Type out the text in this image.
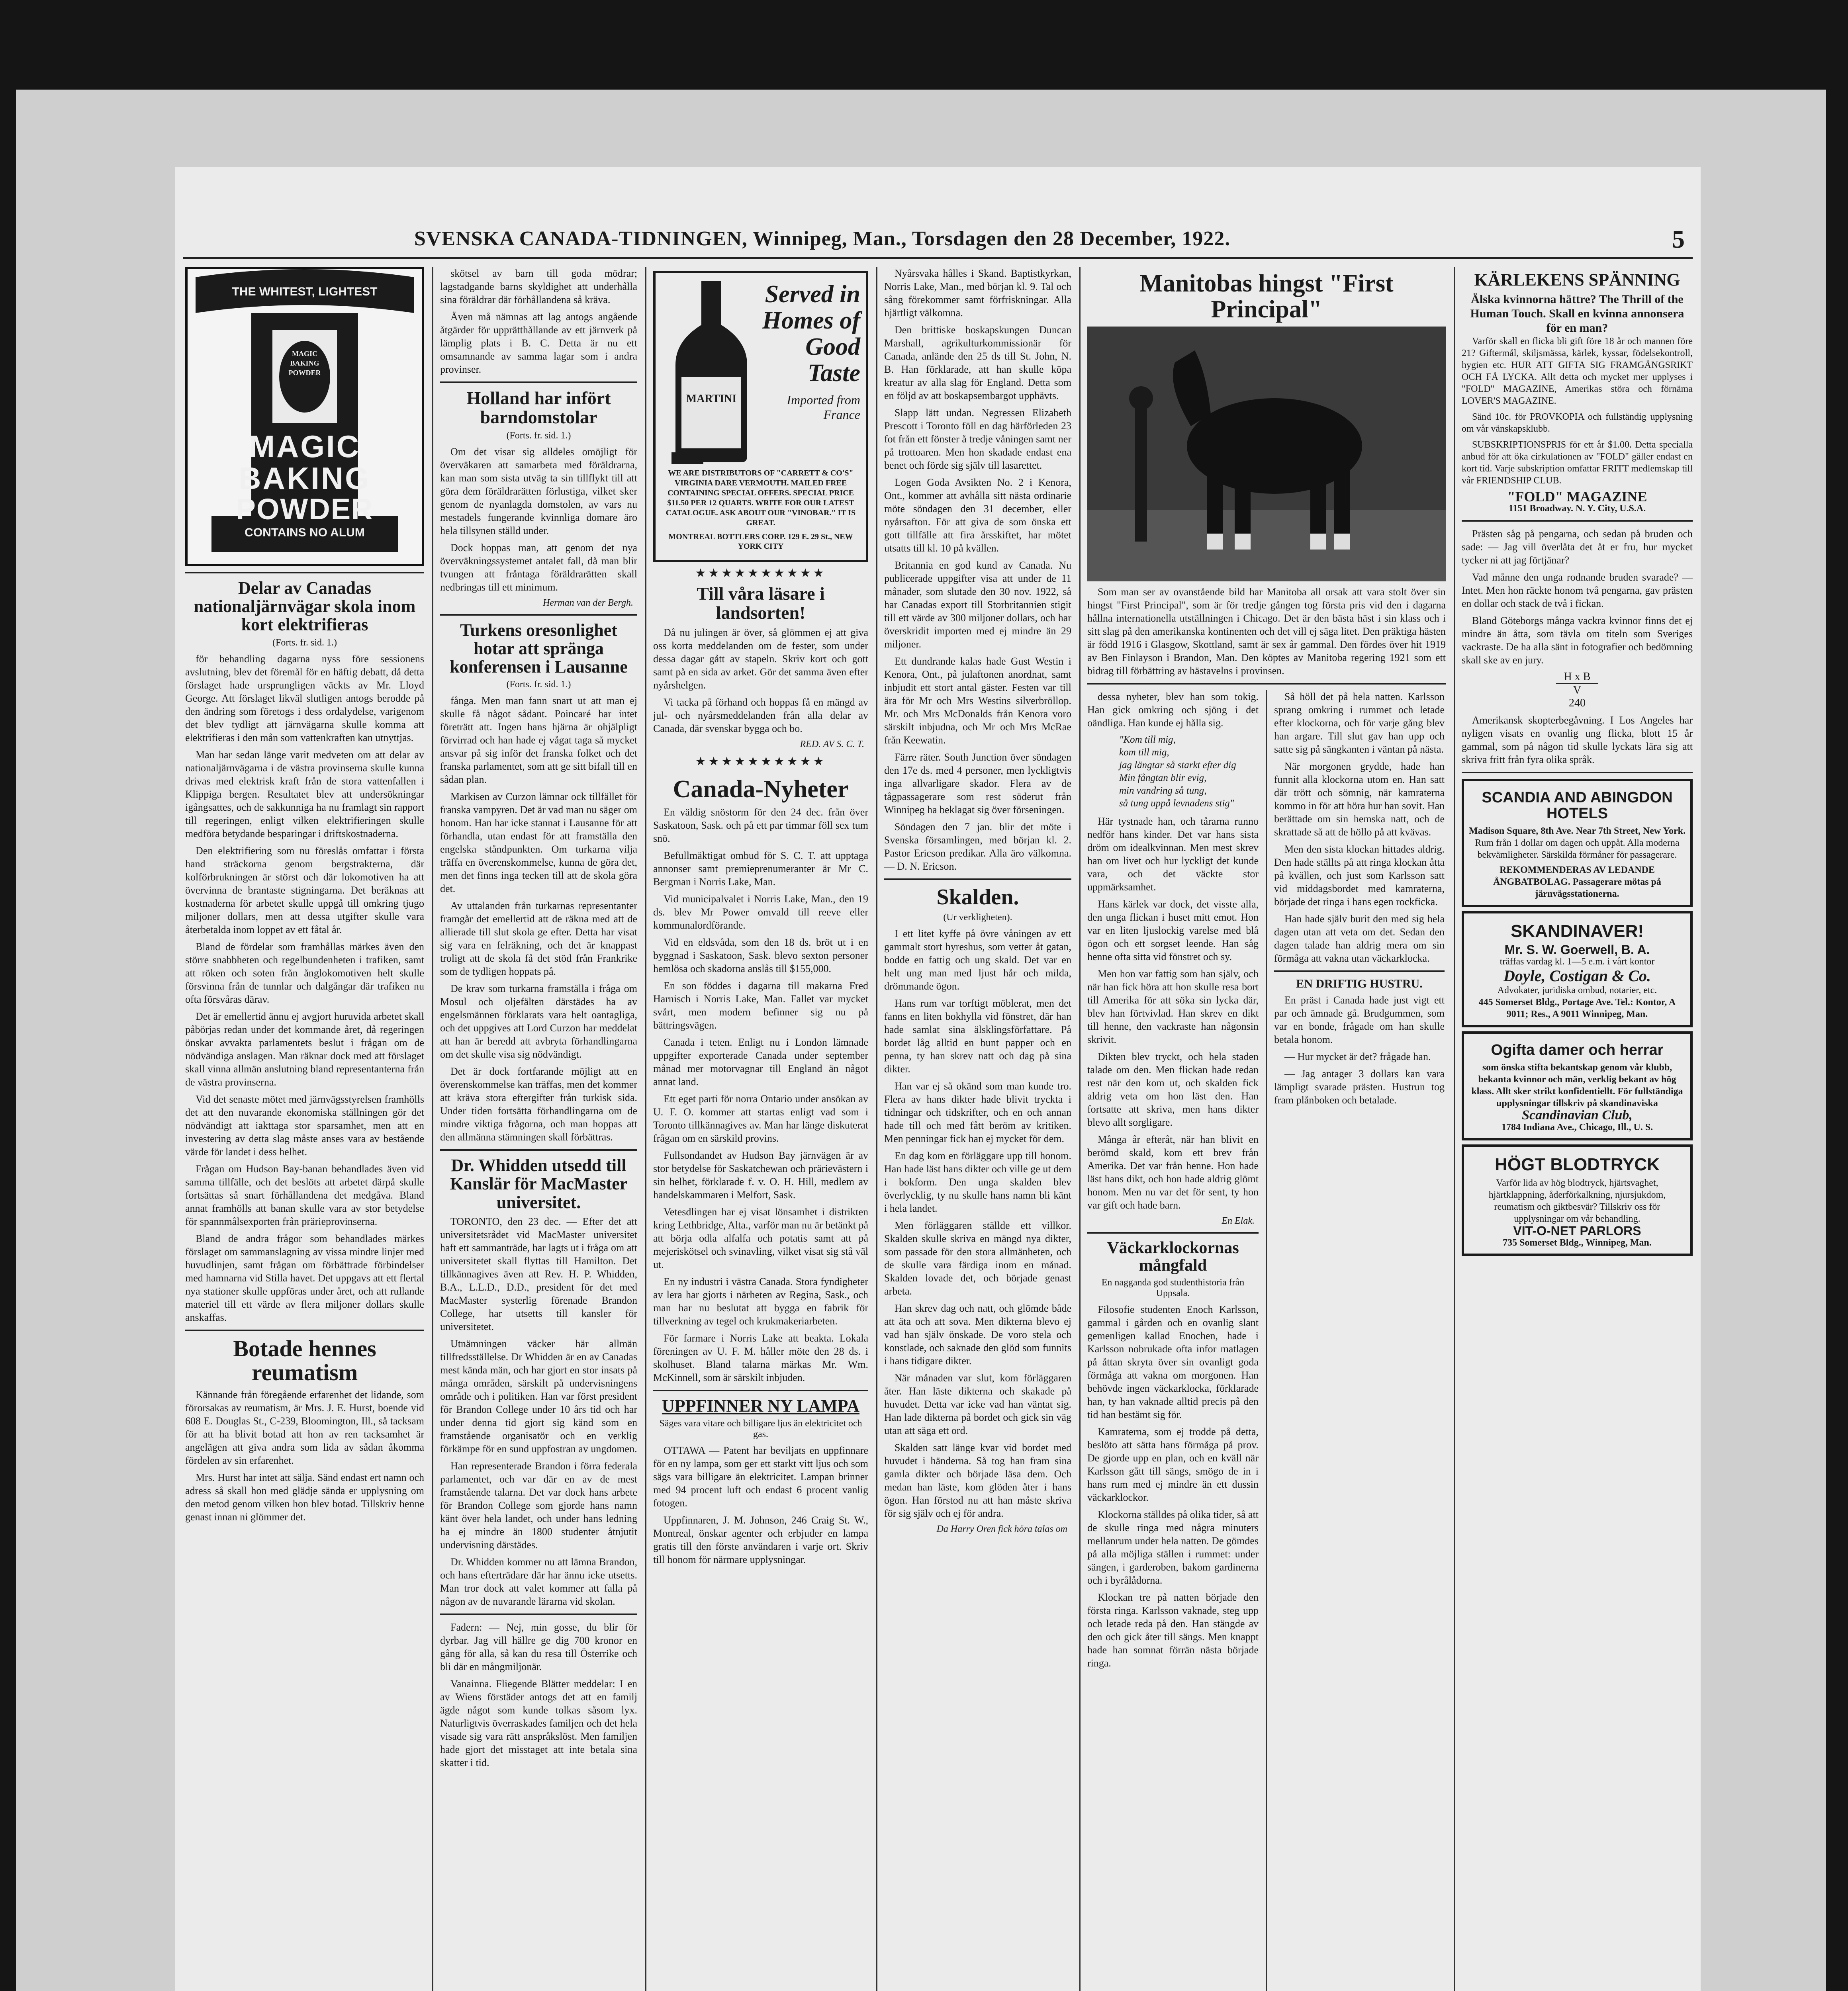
SVENSKA CANADA-TIDNINGEN, Winnipeg, Man., Torsdagen den 28 December, 1922.	5
THE WHITEST, LIGHTEST
MAGIC BAKING POWDER
MAGIC
BAKING
POWDER
CONTAINS NO ALUM
Delar av Canadas nationaljärnvägar skola inom kort elektrifieras
(Forts. fr. sid. 1.)

för behandling dagarna nyss före sessionens avslutning, blev det föremål för en häftig debatt, då detta förslaget hade ursprungligen väckts av Mr. Lloyd George. Att förslaget likväl slutligen antogs berodde på den ändring som företogs i dess ordalydelse, varigenom det blev tydligt att järnvägarna skulle komma att elektrifieras i den mån som vattenkraften kan utnyttjas.

Man har sedan länge varit medveten om att delar av nationaljärnvägarna i de västra provinserna skulle kunna drivas med elektrisk kraft från de stora vattenfallen i Klippiga bergen. Resultatet blev att undersökningar igångsattes, och de sakkunniga ha nu framlagt sin rapport till regeringen, enligt vilken elektrifieringen skulle medföra betydande besparingar i driftskostnaderna.

Den elektrifiering som nu föreslås omfattar i första hand sträckorna genom bergstrakterna, där kolförbrukningen är störst och där lokomotiven ha att övervinna de brantaste stigningarna. Det beräknas att kostnaderna för arbetet skulle uppgå till omkring tjugo miljoner dollars, men att dessa utgifter skulle vara återbetalda inom loppet av ett fåtal år.

Bland de fördelar som framhållas märkes även den större snabbheten och regelbundenheten i trafiken, samt att röken och soten från ånglokomotiven helt skulle försvinna från de tunnlar och dalgångar där trafiken nu ofta försvåras därav.

Det är emellertid ännu ej avgjort huruvida arbetet skall påbörjas redan under det kommande året, då regeringen önskar avvakta parlamentets beslut i frågan om de nödvändiga anslagen. Man räknar dock med att förslaget skall vinna allmän anslutning bland representanterna från de västra provinserna.

Vid det senaste mötet med järnvägsstyrelsen framhölls det att den nuvarande ekonomiska ställningen gör det nödvändigt att iakttaga stor sparsamhet, men att en investering av detta slag måste anses vara av bestående värde för landet i dess helhet.

Frågan om Hudson Bay-banan behandlades även vid samma tillfälle, och det beslöts att arbetet därpå skulle fortsättas så snart förhållandena det medgåva. Bland annat framhölls att banan skulle vara av stor betydelse för spannmålsexporten från prärieprovinserna.

Bland de andra frågor som behandlades märkes förslaget om sammanslagning av vissa mindre linjer med huvudlinjen, samt frågan om förbättrade förbindelser med hamnarna vid Stilla havet. Det uppgavs att ett flertal nya stationer skulle uppföras under året, och att rullande materiel till ett värde av flera miljoner dollars skulle anskaffas.

Botade hennes reumatism

Kännande från föregående erfarenhet det lidande, som förorsakas av reumatism, är Mrs. J. E. Hurst, boende vid 608 E. Douglas St., C-239, Bloomington, Ill., så tacksam för att ha blivit botad att hon av ren tacksamhet är angelägen att giva andra som lida av sådan åkomma fördelen av sin erfarenhet.

Mrs. Hurst har intet att sälja. Sänd endast ert namn och adress så skall hon med glädje sända er upplysning om den metod genom vilken hon blev botad. Tillskriv henne genast innan ni glömmer det.

skötsel av barn till goda mödrar; lagstadgande barns skyldighet att underhålla sina föräldrar där förhållandena så kräva.

Även må nämnas att lag antogs angående åtgärder för upprätthållande av ett järnverk på lämplig plats i B. C. Detta är nu ett omsamnande av samma lagar som i andra provinser.

Holland har infört barndomstolar
(Forts. fr. sid. 1.)

Om det visar sig alldeles omöjligt för överväkaren att samarbeta med föräldrarna, kan man som sista utväg ta sin tillflykt till att göra dem föräldrarätten förlustiga, vilket sker genom de nyanlagda domstolen, av vars nu mestadels fungerande kvinnliga domare äro hela tillsynen ställd under.

Dock hoppas man, att genom det nya överväkningssystemet antalet fall, då man blir tvungen att fråntaga föräldrarätten skall nedbringas till ett minimum.

Herman van der Bergh.
Turkens oresonlighet hotar att spränga konferensen i Lausanne
(Forts. fr. sid. 1.)

fånga. Men man fann snart ut att man ej skulle få något sådant. Poincaré har intet företrätt att. Ingen hans hjärna är ohjälpligt förvirrad och han hade ej vågat taga så mycket ansvar på sig inför det franska folket och det franska parlamentet, som att ge sitt bifall till en sådan plan.

Markisen av Curzon lämnar ock tillfället för franska vampyren. Det är vad man nu säger om honom. Han har icke stannat i Lausanne för att förhandla, utan endast för att framställa den engelska ståndpunkten. Om turkarna vilja träffa en överenskommelse, kunna de göra det, men det finns inga tecken till att de skola göra det.

Av uttalanden från turkarnas representanter framgår det emellertid att de räkna med att de allierade till slut skola ge efter. Detta har visat sig vara en felräkning, och det är knappast troligt att de skola få det stöd från Frankrike som de tydligen hoppats på.

De krav som turkarna framställa i fråga om Mosul och oljefälten därstädes ha av engelsmännen förklarats vara helt oantagliga, och det uppgives att Lord Curzon har meddelat att han är beredd att avbryta förhandlingarna om det skulle visa sig nödvändigt.

Det är dock fortfarande möjligt att en överenskommelse kan träffas, men det kommer att kräva stora eftergifter från turkisk sida. Under tiden fortsätta förhandlingarna om de mindre viktiga frågorna, och man hoppas att den allmänna stämningen skall förbättras.

Dr. Whidden utsedd till Kanslär för MacMaster universitet.

TORONTO, den 23 dec. — Efter det att universitetsrådet vid MacMaster universitet haft ett sammanträde, har lagts ut i fråga om att universitetet skall flyttas till Hamilton. Det tillkännagives även att Rev. H. P. Whidden, B.A., L.L.D., D.D., president för det med MacMaster systerlig förenade Brandon College, har utsetts till kansler för universitetet.

Utnämningen väcker här allmän tillfredsställelse. Dr Whidden är en av Canadas mest kända män, och har gjort en stor insats på många områden, särskilt på undervisningens område och i politiken. Han var först president för Brandon College under 10 års tid och har under denna tid gjort sig känd som en framstående organisatör och en verklig förkämpe för en sund uppfostran av ungdomen.

Han representerade Brandon i förra federala parlamentet, och var där en av de mest framstående talarna. Det var dock hans arbete för Brandon College som gjorde hans namn känt över hela landet, och under hans ledning ha ej mindre än 1800 studenter åtnjutit undervisning därstädes.

Dr. Whidden kommer nu att lämna Brandon, och hans efterträdare där har ännu icke utsetts. Man tror dock att valet kommer att falla på någon av de nuvarande lärarna vid skolan.

Fadern: — Nej, min gosse, du blir för dyrbar. Jag vill hällre ge dig 700 kronor en gång för alla, så kan du resa till Österrike och bli där en mångmiljonär.

Vanainna. Fliegende Blätter meddelar: I en av Wiens förstäder antogs det att en familj ägde något som kunde tolkas såsom lyx. Naturligtvis överraskades familjen och det hela visade sig vara rätt anspråkslöst. Men familjen hade gjort det misstaget att inte betala sina skatter i tid.

Served in Homes of Good Taste
Imported from France
MARTINI
WE ARE DISTRIBUTORS OF "CARRETT & CO'S" VIRGINIA DARE VERMOUTH. MAILED FREE CONTAINING SPECIAL OFFERS. SPECIAL PRICE $11.50 PER 12 QUARTS. WRITE FOR OUR LATEST CATALOGUE. ASK ABOUT OUR "VINOBAR." IT IS GREAT.
MONTREAL BOTTLERS CORP. 129 E. 29 St., NEW YORK CITY
★★★★★★★★★★
Till våra läsare i landsorten!

Då nu julingen är över, så glömmen ej att giva oss korta meddelanden om de fester, som under dessa dagar gått av stapeln. Skriv kort och gott samt på en sida av arket. Gör det samma även efter nyårshelgen.

Vi tacka på förhand och hoppas få en mängd av jul- och nyårsmeddelanden från alla delar av Canada, där svenskar bygga och bo.

RED. AV S. C. T.
★★★★★★★★★★
Canada-Nyheter

En väldig snöstorm för den 24 dec. från över Saskatoon, Sask. och på ett par timmar föll sex tum snö.

Befullmäktigat ombud för S. C. T. att upptaga annonser samt premieprenumeranter är Mr C. Bergman i Norris Lake, Man.

Vid municipalvalet i Norris Lake, Man., den 19 ds. blev Mr Power omvald till reeve eller kommunalordförande.

Vid en eldsvåda, som den 18 ds. bröt ut i en byggnad i Saskatoon, Sask. blevo sexton personer hemlösa och skadorna anslås till $155,000.

En son föddes i dagarna till makarna Fred Harnisch i Norris Lake, Man. Fallet var mycket svårt, men modern befinner sig nu på bättringsvägen.

Canada i teten. Enligt nu i London lämnade uppgifter exporterade Canada under september månad mer motorvagnar till England än något annat land.

Ett eget parti för norra Ontario under ansökan av U. F. O. kommer att startas enligt vad som i Toronto tillkännagives av. Man har länge diskuterat frågan om en särskild provins.

Fullsondandet av Hudson Bay järnvägen är av stor betydelse för Saskatchewan och prärievästern i sin helhet, förklarade f. v. O. H. Hill, medlem av handelskammaren i Melfort, Sask.

Vetesdlingen har ej visat lönsamhet i distrikten kring Lethbridge, Alta., varför man nu är betänkt på att börja odla alfalfa och potatis samt att på mejeriskötsel och svinavling, vilket visat sig stå väl ut.

En ny industri i västra Canada. Stora fyndigheter av lera har gjorts i närheten av Regina, Sask., och man har nu beslutat att bygga en fabrik för tillverkning av tegel och krukmakeriarbeten.

För farmare i Norris Lake att beakta. Lokala föreningen av U. F. M. håller möte den 28 ds. i skolhuset. Bland talarna märkas Mr. Wm. McKinnell, som är särskilt inbjuden.

UPPFINNER NY LAMPA
Säges vara vitare och billigare ljus än elektricitet och gas.

OTTAWA — Patent har beviljats en uppfinnare för en ny lampa, som ger ett starkt vitt ljus och som sägs vara billigare än elektricitet. Lampan brinner med 94 procent luft och endast 6 procent vanlig fotogen.

Uppfinnaren, J. M. Johnson, 246 Craig St. W., Montreal, önskar agenter och erbjuder en lampa gratis till den förste användaren i varje ort. Skriv till honom för närmare upplysningar.

Nyårsvaka hålles i Skand. Baptistkyrkan, Norris Lake, Man., med början kl. 9. Tal och sång förekommer samt förfriskningar. Alla hjärtligt välkomna.

Den brittiske boskapskungen Duncan Marshall, agrikulturkommissionär för Canada, anlände den 25 ds till St. John, N. B. Han förklarade, att han skulle köpa kreatur av alla slag för England. Detta som en följd av att boskapsembargot upphävts.

Slapp lätt undan. Negressen Elizabeth Prescott i Toronto föll en dag härförleden 23 fot från ett fönster å tredje våningen samt ner på trottoaren. Men hon skadade endast ena benet och förde sig själv till lasarettet.

Logen Goda Avsikten No. 2 i Kenora, Ont., kommer att avhålla sitt nästa ordinarie möte söndagen den 31 december, eller nyårsafton. För att giva de som önska ett gott tillfälle att fira årsskiftet, har mötet utsatts till kl. 10 på kvällen.

Britannia en god kund av Canada. Nu publicerade uppgifter visa att under de 11 månader, som slutade den 30 nov. 1922, så har Canadas export till Storbritannien stigit till ett värde av 300 miljoner dollars, och har överskridit importen med ej mindre än 29 miljoner.

Ett dundrande kalas hade Gust Westin i Kenora, Ont., på julaftonen anordnat, samt inbjudit ett stort antal gäster. Festen var till ära för Mr och Mrs Westins silverbröllop. Mr. och Mrs McDonalds från Kenora voro särskilt inbjudna, och Mr och Mrs McRae från Keewatin.

Färre räter. South Junction över söndagen den 17e ds. med 4 personer, men lyckligtvis inga allvarligare skador. Flera av de tågpassagerare som rest söderut från Winnipeg ha beklagat sig över förseningen.

Söndagen den 7 jan. blir det möte i Svenska församlingen, med början kl. 2. Pastor Ericson predikar. Alla äro välkomna. — D. N. Ericson.

Skalden.
(Ur verkligheten).

I ett litet kyffe på övre våningen av ett gammalt stort hyreshus, som vetter åt gatan, bodde en fattig och ung skald. Det var en helt ung man med ljust hår och milda, drömmande ögon.

Hans rum var torftigt möblerat, men det fanns en liten bokhylla vid fönstret, där han hade samlat sina älsklingsförfattare. På bordet låg alltid en bunt papper och en penna, ty han skrev natt och dag på sina dikter.

Han var ej så okänd som man kunde tro. Flera av hans dikter hade blivit tryckta i tidningar och tidskrifter, och en och annan hade till och med fått beröm av kritiken. Men penningar fick han ej mycket för dem.

En dag kom en förläggare upp till honom. Han hade läst hans dikter och ville ge ut dem i bokform. Den unga skalden blev överlycklig, ty nu skulle hans namn bli känt i hela landet.

Men förläggaren ställde ett villkor. Skalden skulle skriva en mängd nya dikter, som passade för den stora allmänheten, och de skulle vara färdiga inom en månad. Skalden lovade det, och började genast arbeta.

Han skrev dag och natt, och glömde både att äta och att sova. Men dikterna blevo ej vad han själv önskade. De voro stela och konstlade, och saknade den glöd som funnits i hans tidigare dikter.

När månaden var slut, kom förläggaren åter. Han läste dikterna och skakade på huvudet. Detta var icke vad han väntat sig. Han lade dikterna på bordet och gick sin väg utan att säga ett ord.

Skalden satt länge kvar vid bordet med huvudet i händerna. Så tog han fram sina gamla dikter och började läsa dem. Och medan han läste, kom glöden åter i hans ögon. Han förstod nu att han måste skriva för sig själv och ej för andra.

Da Harry Oren fick höra talas om
Manitobas hingst "First Principal"

Som man ser av ovanstående bild har Manitoba all orsak att vara stolt över sin hingst "First Principal", som är för tredje gången tog första pris vid den i dagarna hållna internationella utställningen i Chicago. Det är den bästa häst i sin klass och i sitt slag på den amerikanska kontinenten och det vill ej säga litet. Den präktiga hästen är född 1916 i Glasgow, Skottland, samt är sex år gammal. Den fördes över hit 1919 av Ben Finlayson i Brandon, Man. Den köptes av Manitoba regering 1921 som ett bidrag till förbättring av hästavelns i provinsen.

dessa nyheter, blev han som tokig. Han gick omkring och sjöng i det oändliga. Han kunde ej hålla sig.

"Kom till mig,
kom till mig,
jag längtar så starkt efter dig
Min fångtan blir evig,
min vandring så tung,
så tung uppå levnadens stig"

Här tystnade han, och tårarna runno nedför hans kinder. Det var hans sista dröm om idealkvinnan. Men mest skrev han om livet och hur lyckligt det kunde vara, och det väckte stor uppmärksamhet.

Hans kärlek var dock, det visste alla, den unga flickan i huset mitt emot. Hon var en liten ljuslockig varelse med blå ögon och ett sorgset leende. Han såg henne ofta sitta vid fönstret och sy.

Men hon var fattig som han själv, och när han fick höra att hon skulle resa bort till Amerika för att söka sin lycka där, blev han förtvivlad. Han skrev en dikt till henne, den vackraste han någonsin skrivit.

Dikten blev tryckt, och hela staden talade om den. Men flickan hade redan rest när den kom ut, och skalden fick aldrig veta om hon läst den. Han fortsatte att skriva, men hans dikter blevo allt sorgligare.

Många år efteråt, när han blivit en berömd skald, kom ett brev från Amerika. Det var från henne. Hon hade läst hans dikt, och hon hade aldrig glömt honom. Men nu var det för sent, ty hon var gift och hade barn.

En Elak.
Väckarklockornas mångfald
En nagganda god studenthistoria från Uppsala.

Filosofie studenten Enoch Karlsson, gammal i gården och en ovanlig slant gemenligen kallad Enochen, hade i Karlsson nobrukade ofta infor matlagen på åttan skryta över sin ovanligt goda förmåga att vakna om morgonen. Han behövde ingen väckarklocka, förklarade han, ty han vaknade alltid precis på den tid han bestämt sig för.

Kamraterna, som ej trodde på detta, beslöto att sätta hans förmåga på prov. De gjorde upp en plan, och en kväll när Karlsson gått till sängs, smögo de in i hans rum med ej mindre än ett dussin väckarklockor.

Klockorna ställdes på olika tider, så att de skulle ringa med några minuters mellanrum under hela natten. De gömdes på alla möjliga ställen i rummet: under sängen, i garderoben, bakom gardinerna och i byrålådorna.

Klockan tre på natten började den första ringa. Karlsson vaknade, steg upp och letade reda på den. Han stängde av den och gick åter till sängs. Men knappt hade han somnat förrän nästa började ringa.

Så höll det på hela natten. Karlsson sprang omkring i rummet och letade efter klockorna, och för varje gång blev han argare. Till slut gav han upp och satte sig på sängkanten i väntan på nästa.

När morgonen grydde, hade han funnit alla klockorna utom en. Han satt där trött och sömnig, när kamraterna kommo in för att höra hur han sovit. Han berättade om sin hemska natt, och de skrattade så att de höllo på att kvävas.

Men den sista klockan hittades aldrig. Den hade ställts på att ringa klockan åtta på kvällen, och just som Karlsson satt vid middagsbordet med kamraterna, började det ringa i hans egen rockficka.

Han hade själv burit den med sig hela dagen utan att veta om det. Sedan den dagen talade han aldrig mera om sin förmåga att vakna utan väckarklocka.

EN DRIFTIG HUSTRU.

En präst i Canada hade just vigt ett par och ämnade gå. Brudgummen, som var en bonde, frågade om han skulle betala honom.

— Hur mycket är det? frågade han.

— Jag antager 3 dollars kan vara lämpligt svarade prästen. Hustrun tog fram plånboken och betalade.

KÄRLEKENS SPÄNNING
Älska kvinnorna hättre? The Thrill of the Human Touch. Skall en kvinna annonsera för en man?

Varför skall en flicka bli gift före 18 år och mannen före 21? Giftermål, skiljsmässa, kärlek, kyssar, födelsekontroll, hygien etc. HUR ATT GIFTA SIG FRAMGÅNGSRIKT OCH FÅ LYCKA. Allt detta och mycket mer upplyses i "FOLD" MAGAZINE, Amerikas störa och förnäma LOVER'S MAGAZINE.

Sänd 10c. för PROVKOPIA och fullständig upplysning om vår vänskapsklubb.

SUBSKRIPTIONSPRIS för ett år $1.00. Detta specialla anbud för att öka cirkulationen av "FOLD" gäller endast en kort tid. Varje subskription omfattar FRITT medlemskap till vår FRIENDSHIP CLUB.

"FOLD" MAGAZINE
1151 Broadway. N. Y. City, U.S.A.

Prästen såg på pengarna, och sedan på bruden och sade: — Jag vill överlåta det åt er fru, hur mycket tycker ni att jag förtjänar?

Vad månne den unga rodnande bruden svarade? — Intet. Men hon räckte honom två pengarna, gav prästen en dollar och stack de två i fickan.

Bland Göteborgs många vackra kvinnor finns det ej mindre än åtta, som tävla om titeln som Sveriges vackraste. De ha alla sänt in fotografier och bedömning skall ske av en jury.

H x B
V
240

Amerikansk skopterbegåvning. I Los Angeles har nyligen visats en ovanlig ung flicka, blott 15 år gammal, som på någon tid skulle lyckats lära sig att skriva fritt från fyra olika språk.

SCANDIA AND ABINGDON HOTELS
Madison Square, 8th Ave. Near 7th Street, New York.
Rum från 1 dollar om dagen och uppåt. Alla moderna bekvämligheter. Särskilda förmåner för passagerare.
REKOMMENDERAS AV LEDANDE ÅNGBATBOLAG. Passagerare mötas på järnvägsstationerna.
SKANDINAVER!
Mr. S. W. Goerwell, B. A.
träffas vardag kl. 1—5 e.m. i vårt kontor
Doyle, Costigan & Co.
Advokater, juridiska ombud, notarier, etc.
445 Somerset Bldg., Portage Ave. Tel.: Kontor, A 9011; Res., A 9011 Winnipeg, Man.
Ogifta damer och herrar
som önska stifta bekantskap genom vår klubb, bekanta kvinnor och män, verklig bekant av hög klass. Allt sker strikt konfidentiellt. För fullständiga upplysningar tillskriv på skandinaviska
Scandinavian Club,
1784 Indiana Ave., Chicago, Ill., U. S.
HÖGT BLODTRYCK
Varför lida av hög blodtryck, hjärtsvaghet, hjärtklappning, åderförkalkning, njursjukdom, reumatism och giktbesvär? Tillskriv oss för upplysningar om vår behandling.
VIT-O-NET PARLORS
735 Somerset Bldg., Winnipeg, Man.
